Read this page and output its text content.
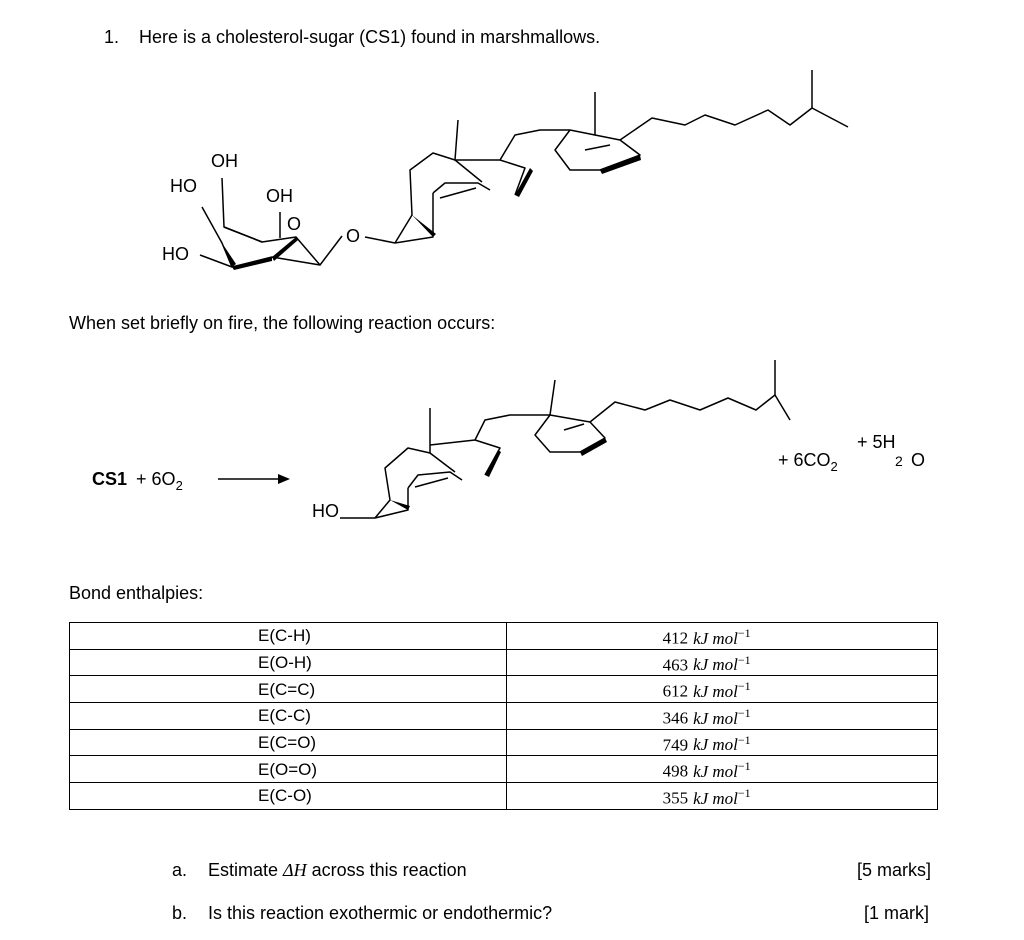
1. Here is a cholesterol-sugar (CS1) found in marshmallows.
OH
HO	OH
O
HO
O
When set briefly on fire, the following reaction occurs:
$CS1 + 6O_2$
HO
+ $6CO_2$
+ 5H
2 O
Bond enthalpies:
E(C-H)	412 kJ mol$^{-1}$
E(O-H)	463 kJ mol$^{-1}$
E(C=C)	612 kJ mol$^{-1}$
E(C-C)	346 kJ mol$^{-1}$
E(C=O)	749 kJ mol$^{-1}$
E(O=O)	498 kJ mol$^{-1}$
E(C-O)	355 kJ mol$^{-1}$
a. Estimate ΔH across this reaction	[5 marks]
b. Is this reaction exothermic or endothermic?	[1 mark]
